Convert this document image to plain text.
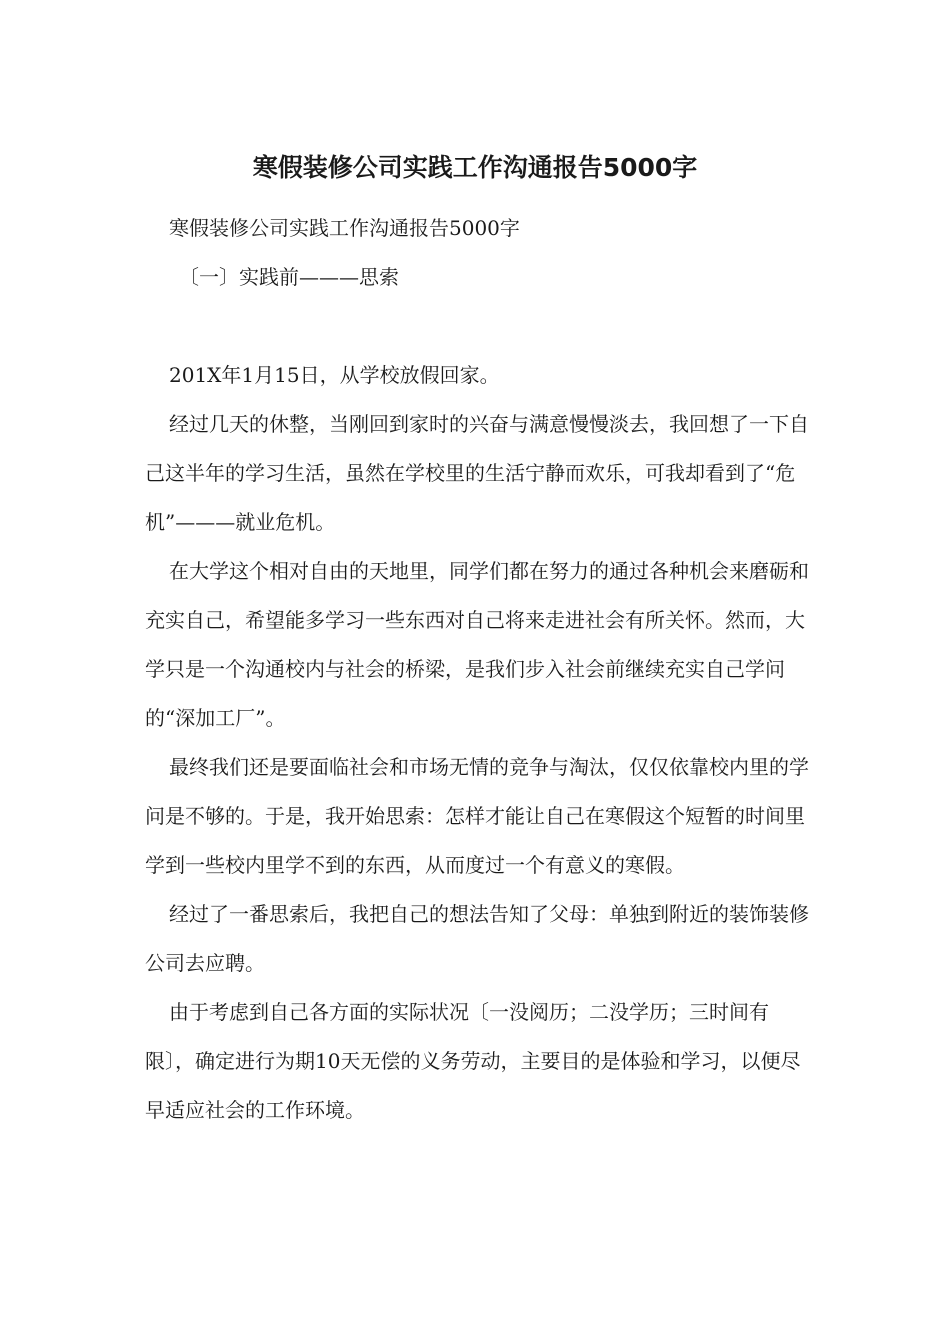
寒假装修公司实践工作沟通报告5000字

寒假装修公司实践工作沟通报告5000字

〔一〕实践前———思索

201X年1月15日，从学校放假回家。

经过几天的休整，当刚回到家时的兴奋与满意慢慢淡去，我回想了一下自己这半年的学习生活，虽然在学校里的生活宁静而欢乐，可我却看到了“危机”———就业危机。

在大学这个相对自由的天地里，同学们都在努力的通过各种机会来磨砺和充实自己，希望能多学习一些东西对自己将来走进社会有所关怀。然而，大学只是一个沟通校内与社会的桥梁，是我们步入社会前继续充实自己学问的“深加工厂”。

最终我们还是要面临社会和市场无情的竞争与淘汰，仅仅依靠校内里的学问是不够的。于是，我开始思索：怎样才能让自己在寒假这个短暂的时间里学到一些校内里学不到的东西，从而度过一个有意义的寒假。

经过了一番思索后，我把自己的想法告知了父母：单独到附近的装饰装修公司去应聘。

由于考虑到自己各方面的实际状况〔一没阅历；二没学历；三时间有限〕，确定进行为期10天无偿的义务劳动，主要目的是体验和学习，以便尽早适应社会的工作环境。
